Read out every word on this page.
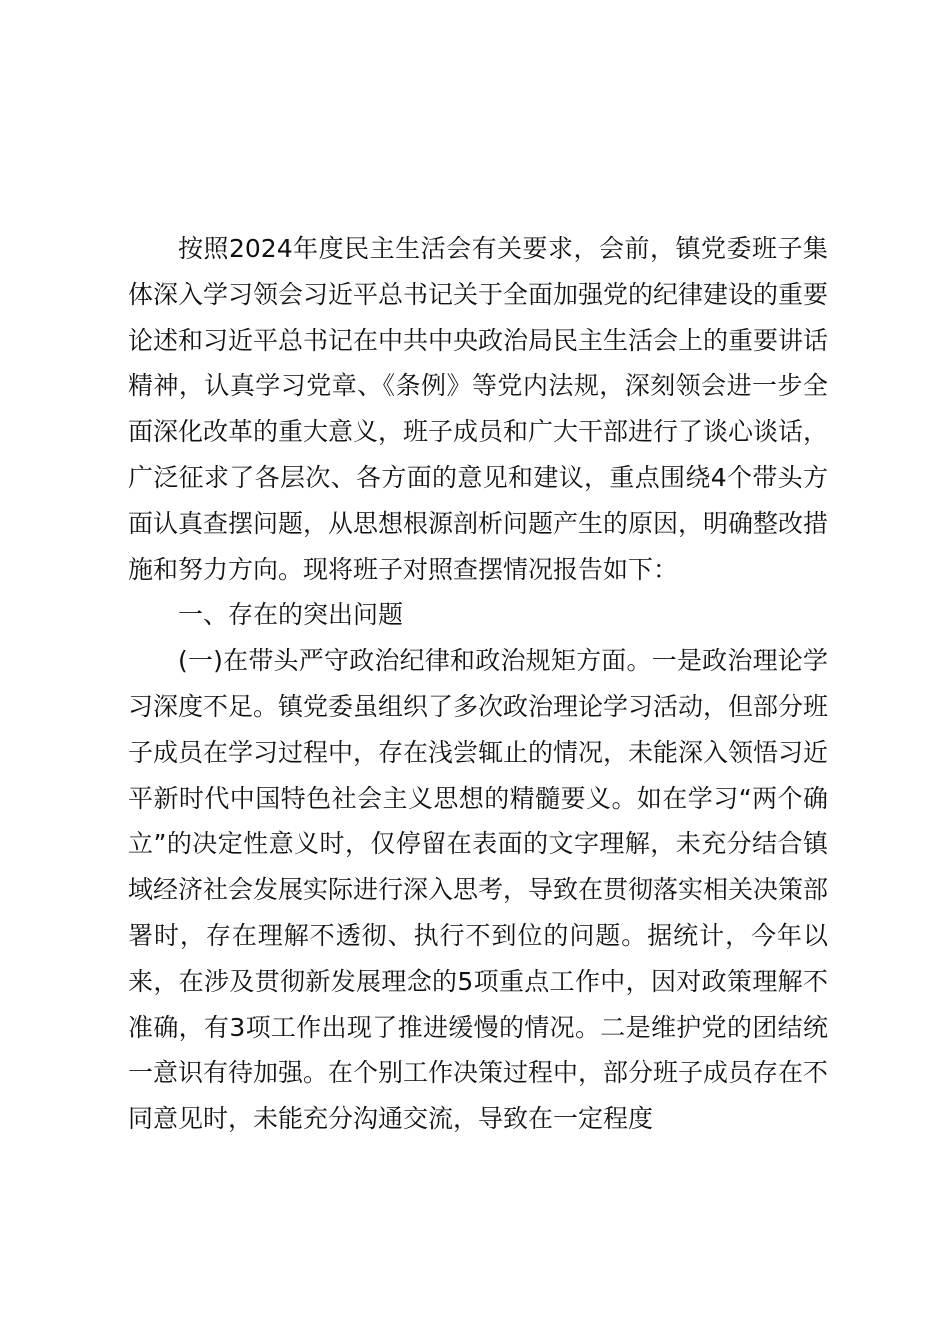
按照2024年度民主生活会有关要求，会前，镇党委班子集体深入学习领会习近平总书记关于全面加强党的纪律建设的重要论述和习近平总书记在中共中央政治局民主生活会上的重要讲话精神，认真学习党章、《条例》等党内法规，深刻领会进一步全面深化改革的重大意义，班子成员和广大干部进行了谈心谈话，广泛征求了各层次、各方面的意见和建议，重点围绕4个带头方面认真查摆问题，从思想根源剖析问题产生的原因，明确整改措施和努力方向。现将班子对照查摆情况报告如下：

一、存在的突出问题

(一)在带头严守政治纪律和政治规矩方面。一是政治理论学习深度不足。镇党委虽组织了多次政治理论学习活动，但部分班子成员在学习过程中，存在浅尝辄止的情况，未能深入领悟习近平新时代中国特色社会主义思想的精髓要义。如在学习“两个确立”的决定性意义时，仅停留在表面的文字理解，未充分结合镇域经济社会发展实际进行深入思考，导致在贯彻落实相关决策部署时，存在理解不透彻、执行不到位的问题。据统计，今年以来，在涉及贯彻新发展理念的5项重点工作中，因对政策理解不准确，有3项工作出现了推进缓慢的情况。二是维护党的团结统一意识有待加强。在个别工作决策过程中，部分班子成员存在不同意见时，未能充分沟通交流，导致在一定程度
